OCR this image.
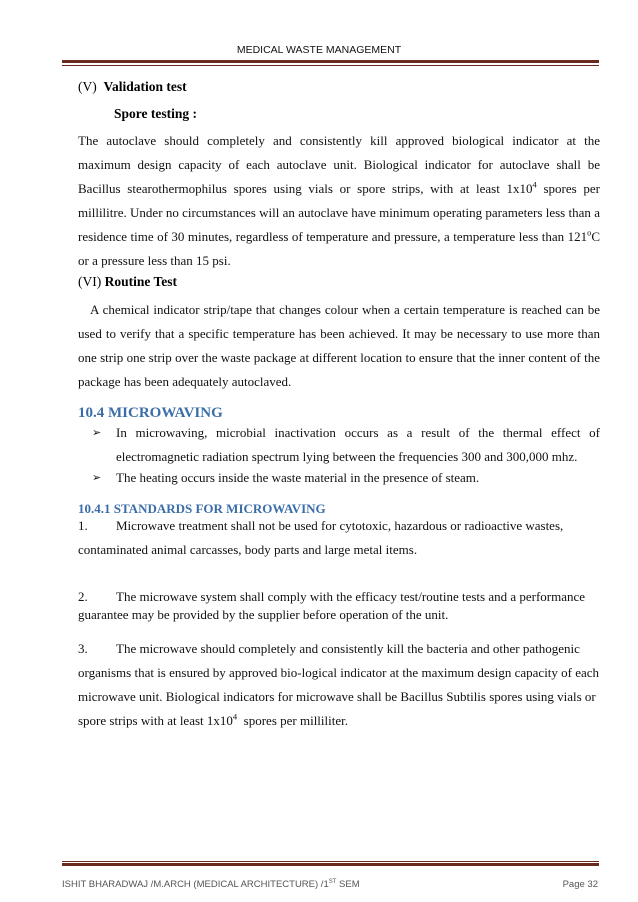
MEDICAL WASTE MANAGEMENT
(V) Validation test
Spore testing :
The autoclave should completely and consistently kill approved biological indicator at the maximum design capacity of each autoclave unit. Biological indicator for autoclave shall be Bacillus stearothermophilus spores using vials or spore strips, with at least $1x10^4$ spores per millilitre. Under no circumstances will an autoclave have minimum operating parameters less than a residence time of 30 minutes, regardless of temperature and pressure, a temperature less than 121$^o$C or a pressure less than 15 psi.
(VI) Routine Test
A chemical indicator strip/tape that changes colour when a certain temperature is reached can be used to verify that a specific temperature has been achieved. It may be necessary to use more than one strip one strip over the waste package at different location to ensure that the inner content of the package has been adequately autoclaved.
10.4 MICROWAVING
➢ In microwaving, microbial inactivation occurs as a result of the thermal effect of electromagnetic radiation spectrum lying between the frequencies 300 and 300,000 mhz.
➢ The heating occurs inside the waste material in the presence of steam.
10.4.1 STANDARDS FOR MICROWAVING
1.	Microwave treatment shall not be used for cytotoxic, hazardous or radioactive wastes,
contaminated animal carcasses, body parts and large metal items.
2.	The microwave system shall comply with the efficacy test/routine tests and a performance
guarantee may be provided by the supplier before operation of the unit.
3.	The microwave should completely and consistently kill the bacteria and other pathogenic
organisms that is ensured by approved bio-logical indicator at the maximum design capacity of each
microwave unit. Biological indicators for microwave shall be Bacillus Subtilis spores using vials or
spore strips with at least $1x10^4$  spores per milliliter.
ISHIT BHARADWAJ /M.ARCH (MEDICAL ARCHITECTURE) /1ST SEM	Page 32
